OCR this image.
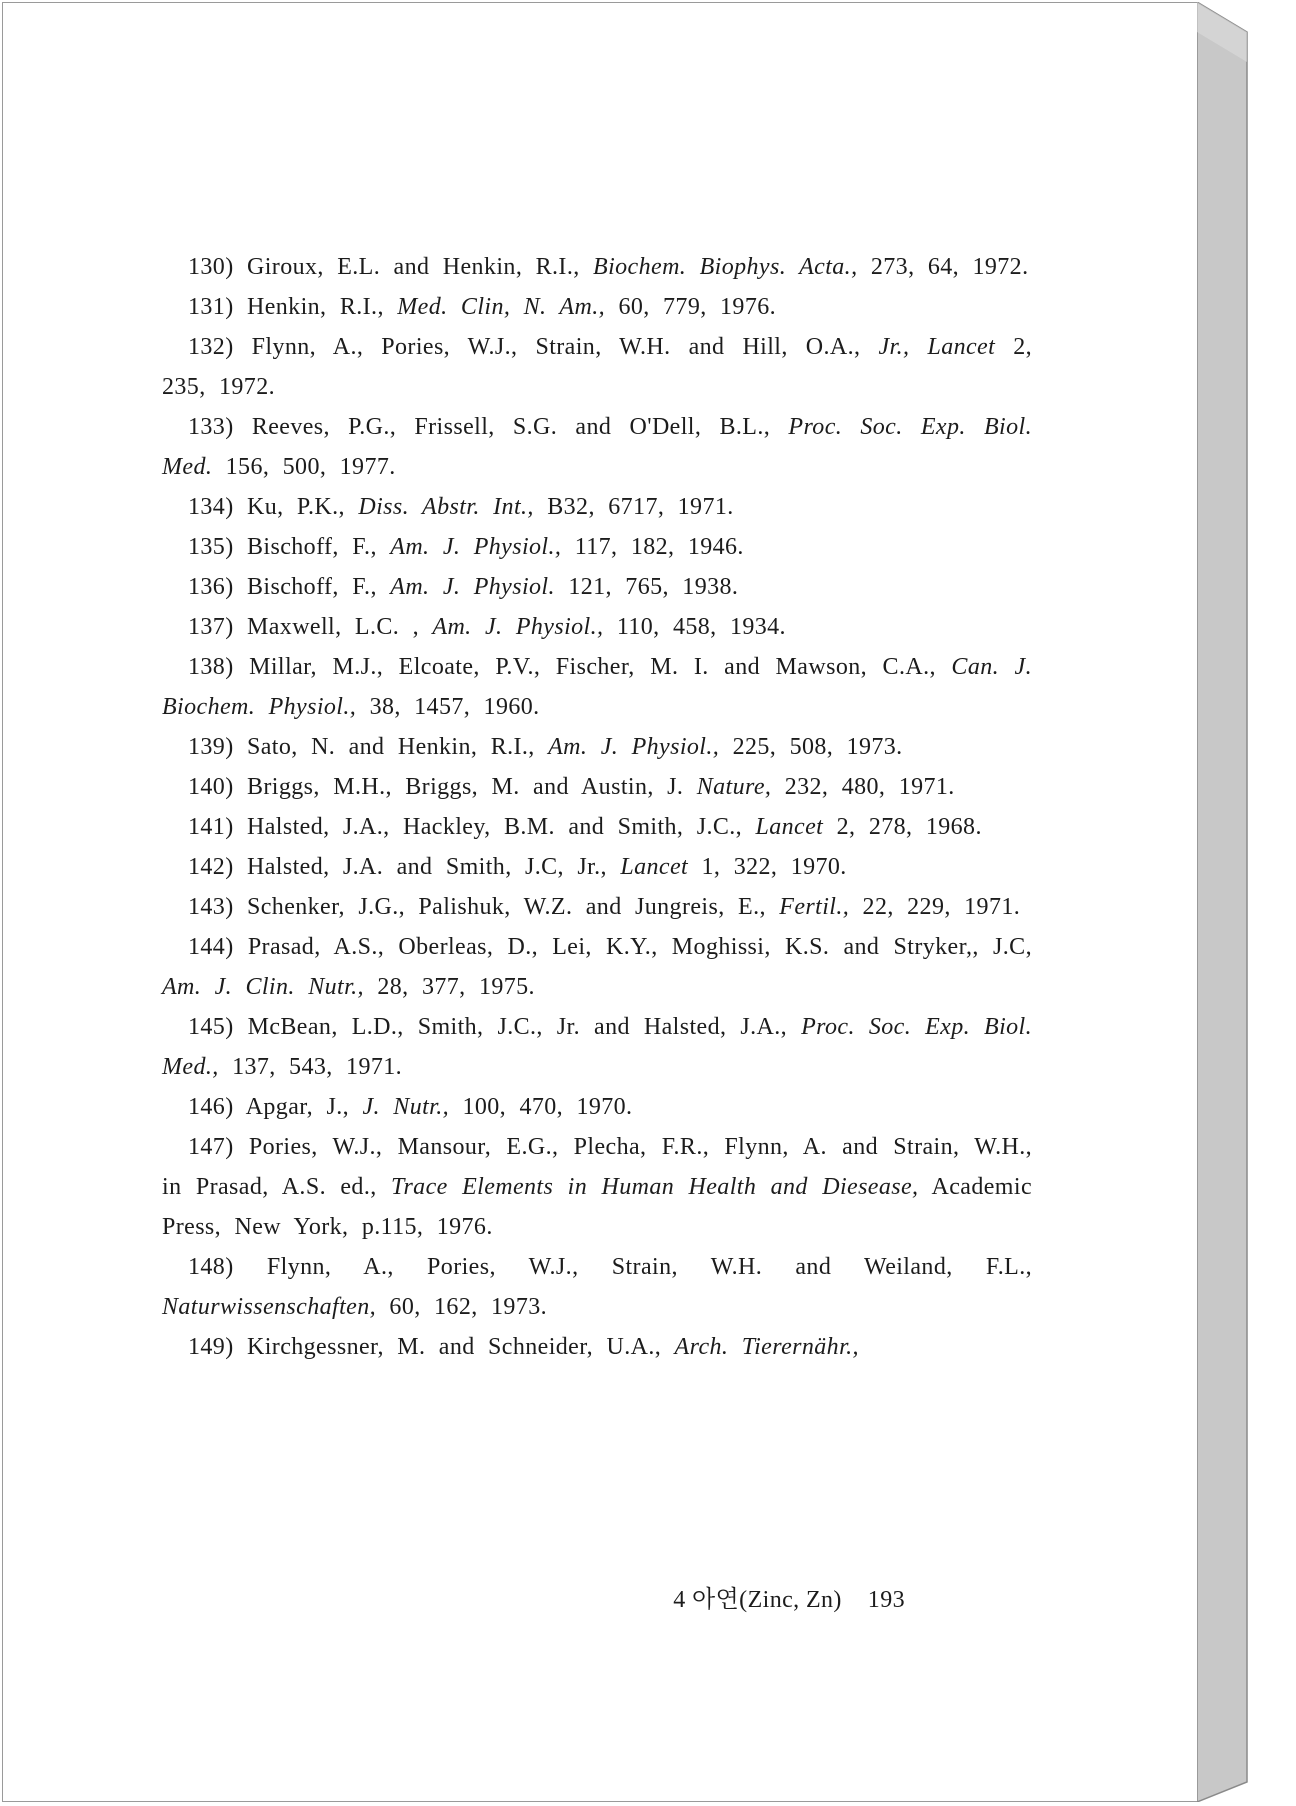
130) Giroux, E.L. and Henkin, R.I., Biochem. Biophys. Acta., 273, 64, 1972.

131) Henkin, R.I., Med. Clin, N. Am., 60, 779, 1976.

132) Flynn, A., Pories, W.J., Strain, W.H. and Hill, O.A., Jr., Lancet 2, 235, 1972.

133) Reeves, P.G., Frissell, S.G. and O'Dell, B.L., Proc. Soc. Exp. Biol. Med. 156, 500, 1977.

134) Ku, P.K., Diss. Abstr. Int., B32, 6717, 1971.

135) Bischoff, F., Am. J. Physiol., 117, 182, 1946.

136) Bischoff, F., Am. J. Physiol. 121, 765, 1938.

137) Maxwell, L.C. , Am. J. Physiol., 110, 458, 1934.

138) Millar, M.J., Elcoate, P.V., Fischer, M. I. and Mawson, C.A., Can. J. Biochem. Physiol., 38, 1457, 1960.

139) Sato, N. and Henkin, R.I., Am. J. Physiol., 225, 508, 1973.

140) Briggs, M.H., Briggs, M. and Austin, J. Nature, 232, 480, 1971.

141) Halsted, J.A., Hackley, B.M. and Smith, J.C., Lancet 2, 278, 1968.

142) Halsted, J.A. and Smith, J.C, Jr., Lancet 1, 322, 1970.

143) Schenker, J.G., Palishuk, W.Z. and Jungreis, E., Fertil., 22, 229, 1971.

144) Prasad, A.S., Oberleas, D., Lei, K.Y., Moghissi, K.S. and Stryker,, J.C, Am. J. Clin. Nutr., 28, 377, 1975.

145) McBean, L.D., Smith, J.C., Jr. and Halsted, J.A., Proc. Soc. Exp. Biol. Med., 137, 543, 1971.

146) Apgar, J., J. Nutr., 100, 470, 1970.

147) Pories, W.J., Mansour, E.G., Plecha, F.R., Flynn, A. and Strain, W.H., in Prasad, A.S. ed., Trace Elements in Human Health and Diesease, Academic Press, New York, p.115, 1976.

148) Flynn, A., Pories, W.J., Strain, W.H. and Weiland, F.L., Naturwissenschaften, 60, 162, 1973.

149) Kirchgessner, M. and Schneider, U.A., Arch. Tierernähr.,

4 아연(Zinc, Zn) 193
